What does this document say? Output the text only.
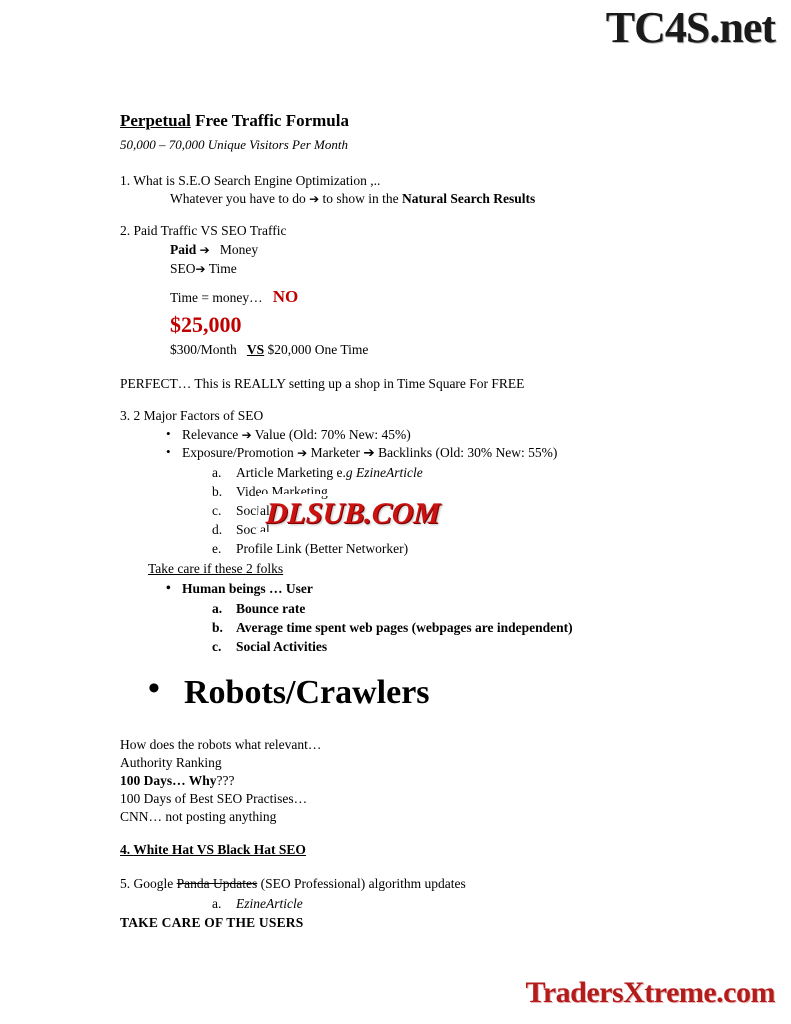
TC4S.net
Perpetual Free Traffic Formula
50,000 – 70,000 Unique Visitors Per Month
1. What is S.E.O Search Engine Optimization ,..
Whatever you have to do ➔ to show in the Natural Search Results
2. Paid Traffic VS SEO Traffic
Paid ➔ Money
SEO➔ Time
Time = money… NO
$25,000
$300/Month VS $20,000 One Time
PERFECT… This is REALLY setting up a shop in Time Square For FREE
3. 2 Major Factors of SEO
• Relevance ➔ Value (Old: 70% New: 45%)
• Exposure/Promotion ➔ Marketer ➔ Backlinks (Old: 30% New: 55%)
a. Article Marketing e.g EzineArticle
b. Video Marketing
c. Social
d. Social
e. Profile Link (Better Networker)
Take care if these 2 folks
• Human beings … User
a. Bounce rate
b. Average time spent web pages (webpages are independent)
c. Social Activities
• Robots/Crawlers
How does the robots what relevant…
Authority Ranking
100 Days… Why???
100 Days of Best SEO Practises…
CNN… not posting anything
4. White Hat VS Black Hat SEO
5. Google Panda Updates (SEO Professional) algorithm updates
a. EzineArticle
TAKE CARE OF THE USERS
DLSUB.COM
TradersXtreme.com
